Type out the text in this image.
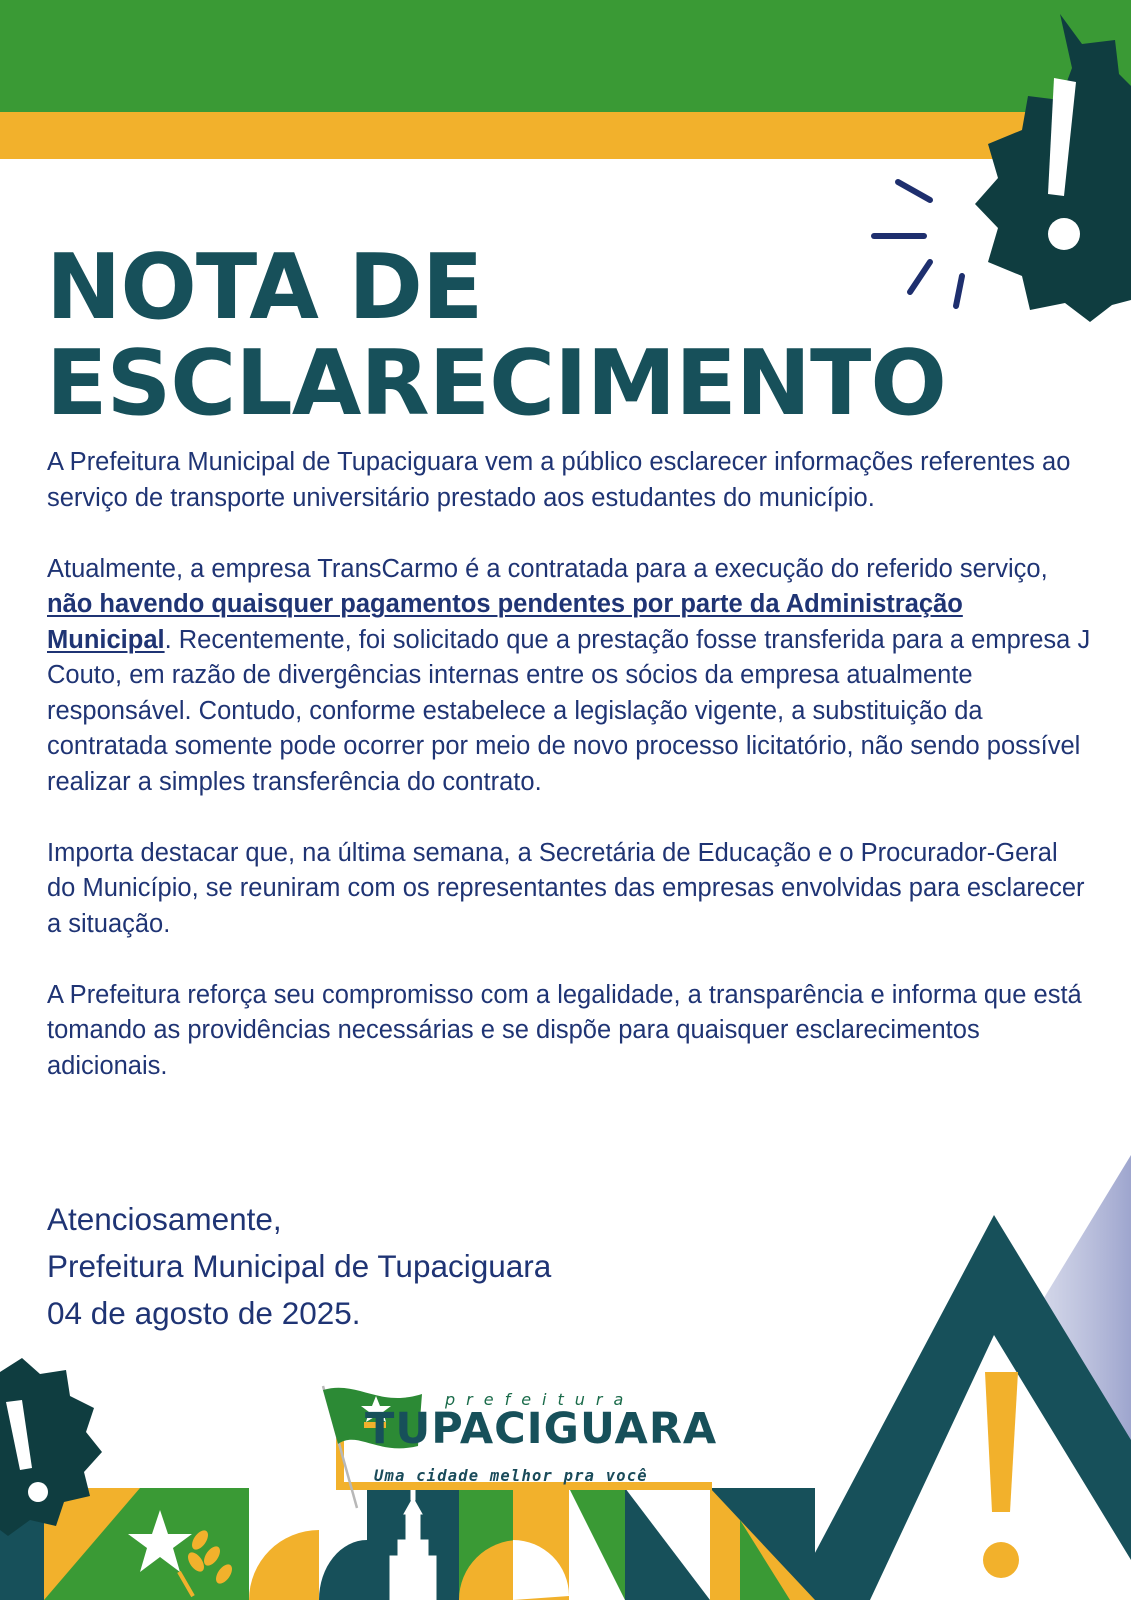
NOTA DE
ESCLARECIMENTO

A Prefeitura Municipal de Tupaciguara vem a público esclarecer informações referentes ao serviço de transporte universitário prestado aos estudantes do município.

Atualmente, a empresa TransCarmo é a contratada para a execução do referido serviço, não havendo quaisquer pagamentos pendentes por parte da Administração Municipal. Recentemente, foi solicitado que a prestação fosse transferida para a empresa J Couto, em razão de divergências internas entre os sócios da empresa atualmente responsável. Contudo, conforme estabelece a legislação vigente, a substituição da contratada somente pode ocorrer por meio de novo processo licitatório, não sendo possível realizar a simples transferência do contrato.

Importa destacar que, na última semana, a Secretária de Educação e o Procurador-Geral do Município, se reuniram com os representantes das empresas envolvidas para esclarecer a situação.

A Prefeitura reforça seu compromisso com a legalidade, a transparência e informa que está tomando as providências necessárias e se dispõe para quaisquer esclarecimentos adicionais.

Atenciosamente,
Prefeitura Municipal de Tupaciguara
04 de agosto de 2025.
prefeitura
TUPACIGUARA
Uma cidade melhor pra você
